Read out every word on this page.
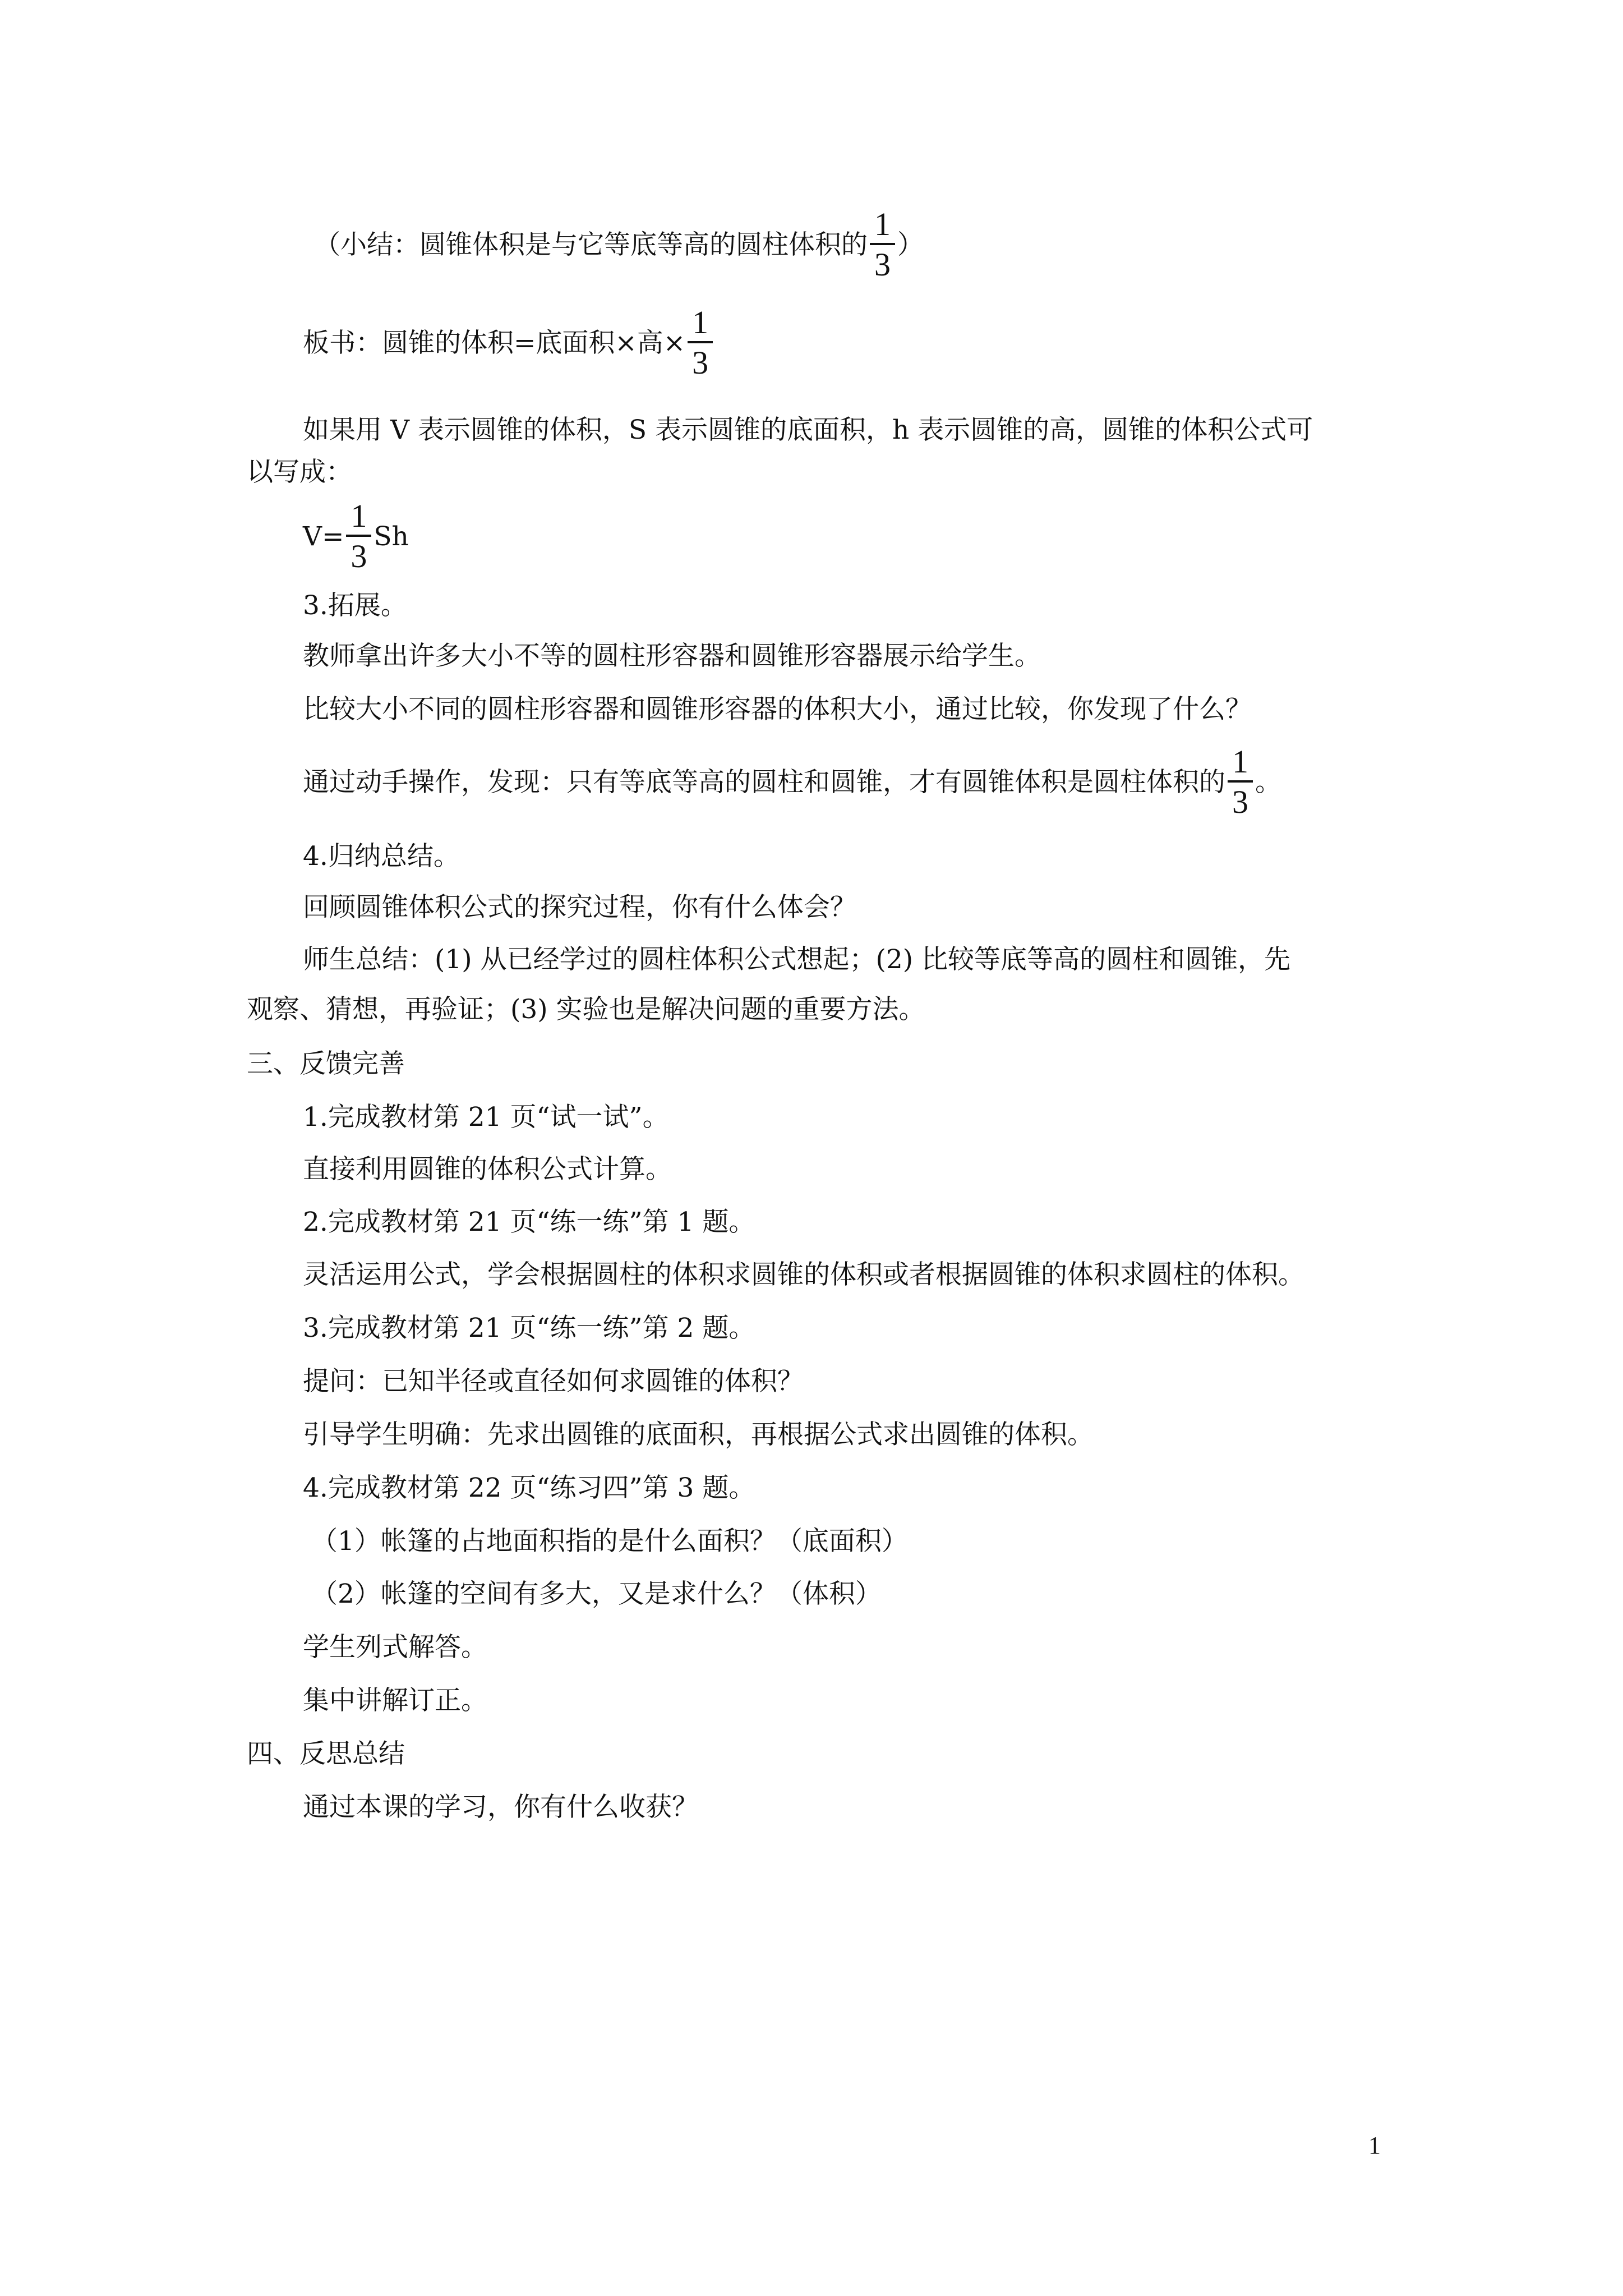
（小结：圆锥体积是与它等底等高的圆柱体积的 $\frac{1}{3}$ ）
板书：圆锥的体积=底面积×高× $\frac{1}{3}$
如果用 V 表示圆锥的体积，S 表示圆锥的底面积，h 表示圆锥的高，圆锥的体积公式可
以写成：
$V= \frac{1}{3}$ Sh
3.拓展。
教师拿出许多大小不等的圆柱形容器和圆锥形容器展示给学生。
比较大小不同的圆柱形容器和圆锥形容器的体积大小，通过比较，你发现了什么？
通过动手操作，发现：只有等底等高的圆柱和圆锥，才有圆锥体积是圆柱体积的 $\frac{1}{3}$ 。
4.归纳总结。
回顾圆锥体积公式的探究过程，你有什么体会？
师生总结：(1) 从已经学过的圆柱体积公式想起；(2) 比较等底等高的圆柱和圆锥，先
观察、猜想，再验证；(3) 实验也是解决问题的重要方法。
三、反馈完善
1.完成教材第 21 页“试一试”。
直接利用圆锥的体积公式计算。
2.完成教材第 21 页“练一练”第 1 题。
灵活运用公式，学会根据圆柱的体积求圆锥的体积或者根据圆锥的体积求圆柱的体积。
3.完成教材第 21 页“练一练”第 2 题。
提问：已知半径或直径如何求圆锥的体积？
引导学生明确：先求出圆锥的底面积，再根据公式求出圆锥的体积。
4.完成教材第 22 页“练习四”第 3 题。
（1）帐篷的占地面积指的是什么面积？（底面积）
（2）帐篷的空间有多大，又是求什么？（体积）
学生列式解答。
集中讲解订正。
四、反思总结
通过本课的学习，你有什么收获？
1
